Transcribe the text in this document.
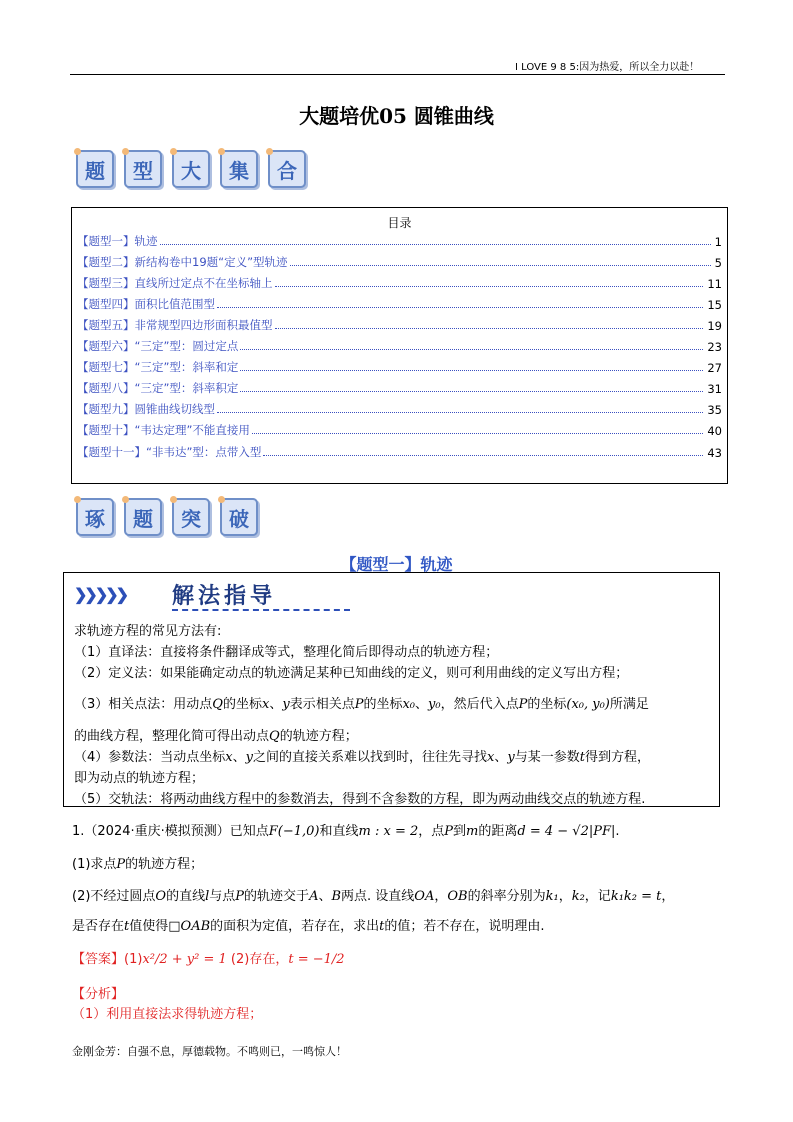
I LOVE 9 8 5:因为热爱，所以全力以赴！
大题培优05 圆锥曲线
题	型	大	集	合
目录
【题型一】轨迹	1
【题型二】新结构卷中19题“定义”型轨迹	5
【题型三】直线所过定点不在坐标轴上	11
【题型四】面积比值范围型	15
【题型五】非常规型四边形面积最值型	19
【题型六】“三定”型：圆过定点	23
【题型七】“三定”型：斜率和定	27
【题型八】“三定”型：斜率积定	31
【题型九】圆锥曲线切线型	35
【题型十】“韦达定理”不能直接用	40
【题型十一】“非韦达”型：点带入型	43
琢	题	突	破
【题型一】轨迹
❯❯❯❯❯ 解法指导
求轨迹方程的常见方法有:
（1）直译法：直接将条件翻译成等式，整理化简后即得动点的轨迹方程；
（2）定义法：如果能确定动点的轨迹满足某种已知曲线的定义，则可利用曲线的定义写出方程；
（3）相关点法：用动点Q的坐标x、y表示相关点P的坐标x₀、y₀，然后代入点P的坐标(x₀, y₀)所满足
的曲线方程，整理化简可得出动点Q的轨迹方程；
（4）参数法：当动点坐标x、y之间的直接关系难以找到时，往往先寻找x、y与某一参数t得到方程，
即为动点的轨迹方程；
（5）交轨法：将两动曲线方程中的参数消去，得到不含参数的方程，即为两动曲线交点的轨迹方程.
1.（2024·重庆·模拟预测）已知点F(−1,0)和直线m : x = 2，点P到m的距离d = 4 − √2|PF|.
(1)求点P的轨迹方程；
(2)不经过圆点O的直线l与点P的轨迹交于A、B两点. 设直线OA，OB的斜率分别为k₁，k₂，记k₁k₂ = t，
是否存在t值使得□OAB的面积为定值，若存在，求出t的值；若不存在，说明理由.
【答案】(1)x²/2 + y² = 1 (2)存在，t = −1/2
【分析】
（1）利用直接法求得轨迹方程；
金刚金芳：自强不息，厚德载物。不鸣则已，一鸣惊人！
